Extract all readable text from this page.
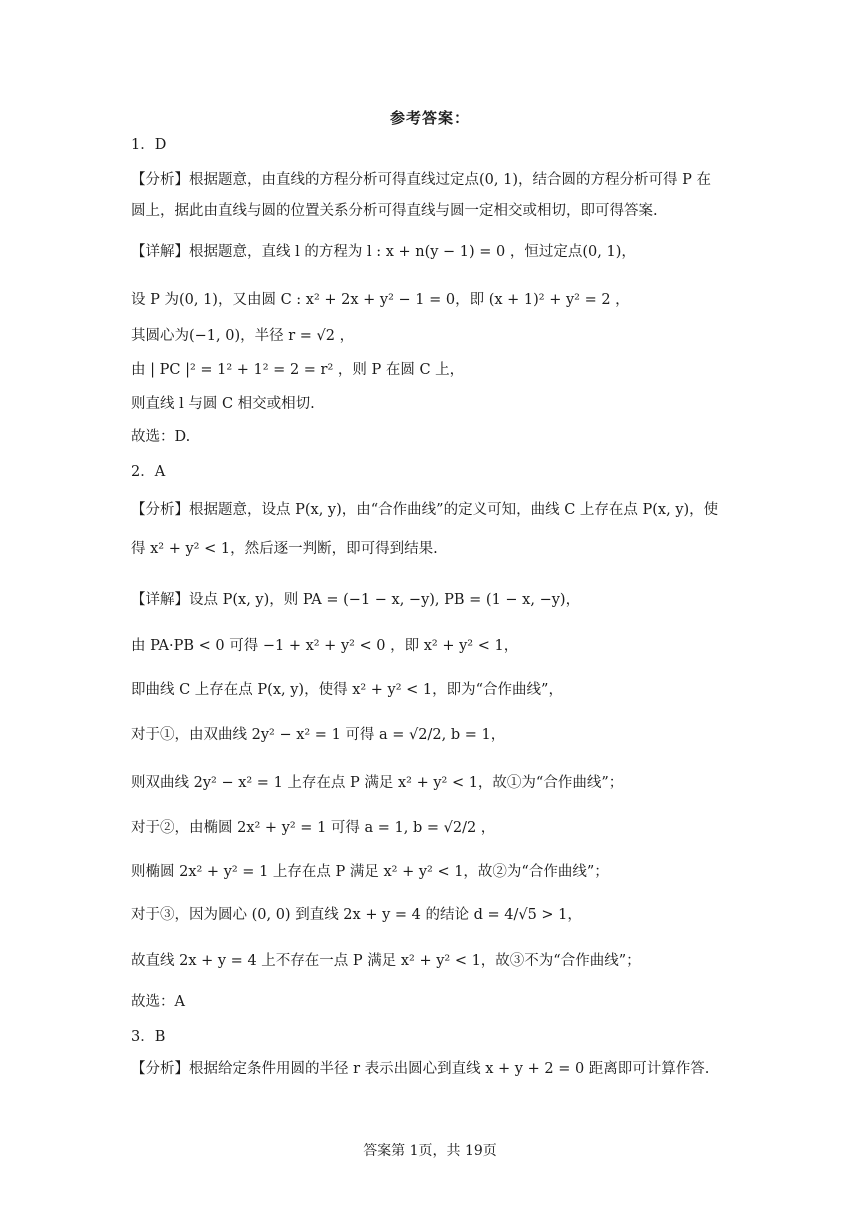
参考答案：
1．D
【分析】根据题意，由直线的方程分析可得直线过定点(0, 1)，结合圆的方程分析可得 P 在
圆上，据此由直线与圆的位置关系分析可得直线与圆一定相交或相切，即可得答案.
【详解】根据题意，直线 l 的方程为 l : x + n(y − 1) = 0 ，恒过定点(0, 1)，
设 P 为(0, 1)，又由圆 C : x² + 2x + y² − 1 = 0，即 (x + 1)² + y² = 2 ，
其圆心为(−1, 0)，半径 r = √2 ，
由 | PC |² = 1² + 1² = 2 = r² ，则 P 在圆 C 上，
则直线 l 与圆 C 相交或相切.
故选：D.
2．A
【分析】根据题意，设点 P(x, y)，由“合作曲线”的定义可知，曲线 C 上存在点 P(x, y)，使
得 x² + y² < 1，然后逐一判断，即可得到结果.
【详解】设点 P(x, y)，则 PA = (−1 − x, −y), PB = (1 − x, −y)，
由 PA·PB < 0 可得 −1 + x² + y² < 0 ，即 x² + y² < 1，
即曲线 C 上存在点 P(x, y)，使得 x² + y² < 1，即为“合作曲线”，
对于①，由双曲线 2y² − x² = 1 可得 a = √2/2, b = 1，
则双曲线 2y² − x² = 1 上存在点 P 满足 x² + y² < 1，故①为“合作曲线”；
对于②，由椭圆 2x² + y² = 1 可得 a = 1, b = √2/2 ，
则椭圆 2x² + y² = 1 上存在点 P 满足 x² + y² < 1，故②为“合作曲线”；
对于③，因为圆心 (0, 0) 到直线 2x + y = 4 的结论 d = 4/√5 > 1，
故直线 2x + y = 4 上不存在一点 P 满足 x² + y² < 1，故③不为“合作曲线”；
故选：A
3．B
【分析】根据给定条件用圆的半径 r 表示出圆心到直线 x + y + 2 = 0 距离即可计算作答.
答案第 1页，共 19页
